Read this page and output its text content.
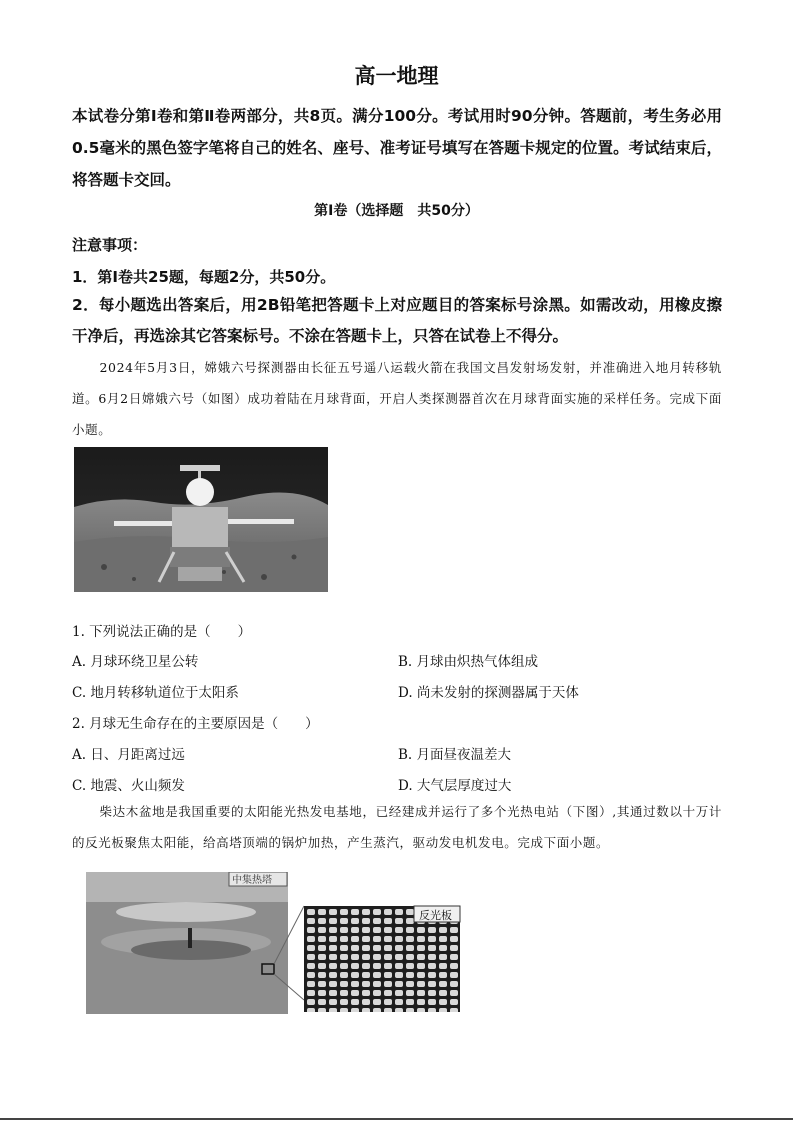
高一地理
本试卷分第Ⅰ卷和第Ⅱ卷两部分，共8页。满分100分。考试用时90分钟。答题前，考生务必用0.5毫米的黑色签字笔将自己的姓名、座号、准考证号填写在答题卡规定的位置。考试结束后，将答题卡交回。
第Ⅰ卷（选择题　共50分）
注意事项：
1．第Ⅰ卷共25题，每题2分，共50分。
2．每小题选出答案后，用2B铅笔把答题卡上对应题目的答案标号涂黑。如需改动，用橡皮擦干净后，再选涂其它答案标号。不涂在答题卡上，只答在试卷上不得分。
2024年5月3日，嫦娥六号探测器由长征五号遥八运载火箭在我国文昌发射场发射，并准确进入地月转移轨道。6月2日嫦娥六号（如图）成功着陆在月球背面，开启人类探测器首次在月球背面实施的采样任务。完成下面小题。
1. 下列说法正确的是（　　）
A. 月球环绕卫星公转	B. 月球由炽热气体组成
C. 地月转移轨道位于太阳系	D. 尚未发射的探测器属于天体
2. 月球无生命存在的主要原因是（　　）
A. 日、月距离过远	B. 月面昼夜温差大
C. 地震、火山频发	D. 大气层厚度过大
柴达木盆地是我国重要的太阳能光热发电基地，已经建成并运行了多个光热电站（下图）,其通过数以十万计的反光板聚焦太阳能，给高塔顶端的锅炉加热，产生蒸汽，驱动发电机发电。完成下面小题。
中集热塔
反光板
